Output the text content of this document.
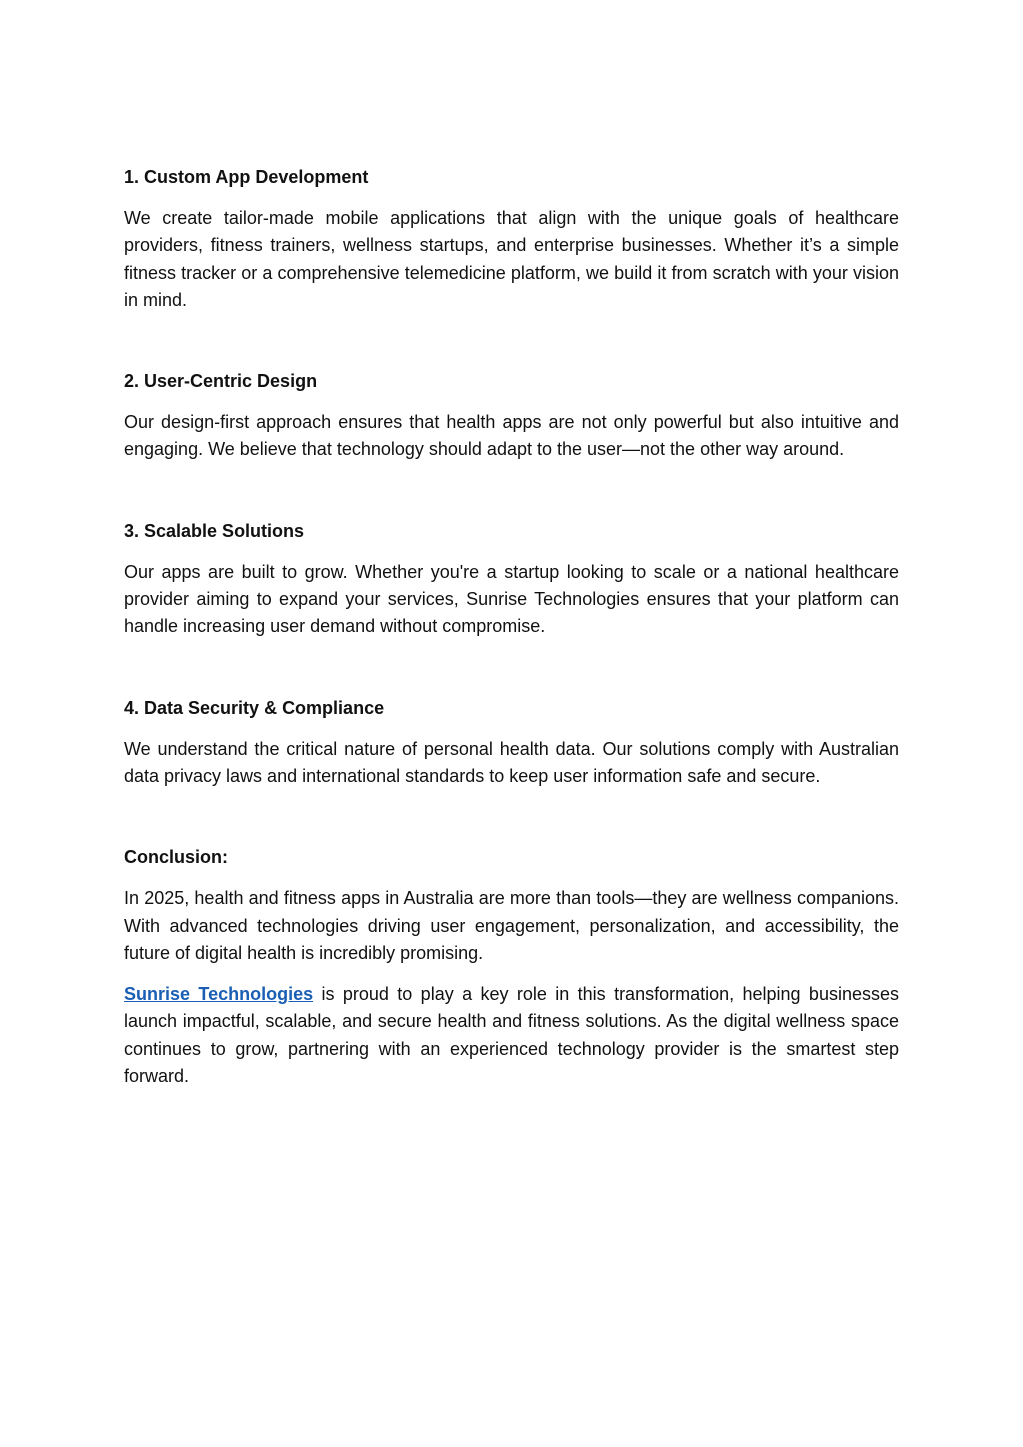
1. Custom App Development

We create tailor-made mobile applications that align with the unique goals of healthcare providers, fitness trainers, wellness startups, and enterprise businesses. Whether it’s a simple fitness tracker or a comprehensive telemedicine platform, we build it from scratch with your vision in mind.

2. User-Centric Design

Our design-first approach ensures that health apps are not only powerful but also intuitive and engaging. We believe that technology should adapt to the user—not the other way around.

3. Scalable Solutions

Our apps are built to grow. Whether you're a startup looking to scale or a national healthcare provider aiming to expand your services, Sunrise Technologies ensures that your platform can handle increasing user demand without compromise.

4. Data Security & Compliance

We understand the critical nature of personal health data. Our solutions comply with Australian data privacy laws and international standards to keep user information safe and secure.

Conclusion:

In 2025, health and fitness apps in Australia are more than tools—they are wellness companions. With advanced technologies driving user engagement, personalization, and accessibility, the future of digital health is incredibly promising.

Sunrise Technologies is proud to play a key role in this transformation, helping businesses launch impactful, scalable, and secure health and fitness solutions. As the digital wellness space continues to grow, partnering with an experienced technology provider is the smartest step forward.
